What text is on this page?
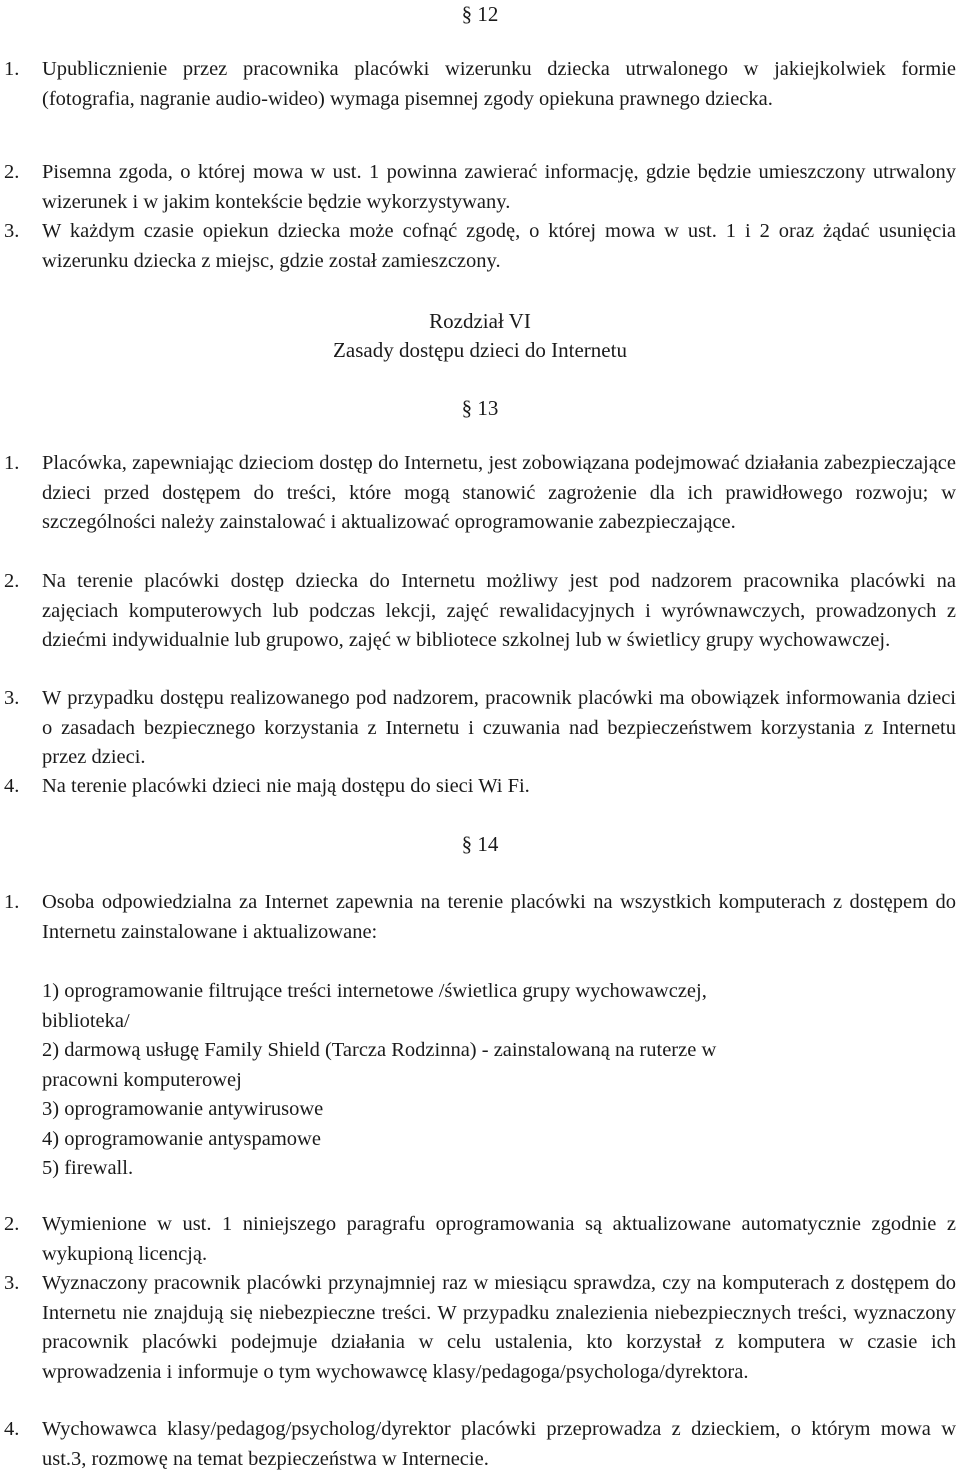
§ 12
1.	Upublicznienie przez pracownika placówki wizerunku dziecka utrwalonego w jakiejkolwiek formie (fotografia, nagranie audio-wideo) wymaga pisemnej zgody opiekuna prawnego dziecka.
2.	Pisemna zgoda, o której mowa w ust. 1 powinna zawierać informację, gdzie będzie umieszczony utrwalony wizerunek i w jakim kontekście będzie wykorzystywany.
3.	W każdym czasie opiekun dziecka może cofnąć zgodę, o której mowa w ust. 1 i 2 oraz żądać usunięcia wizerunku dziecka z miejsc, gdzie został zamieszczony.
Rozdział VI
Zasady dostępu dzieci do Internetu
§ 13
1.	Placówka, zapewniając dzieciom dostęp do Internetu, jest zobowiązana podejmować działania zabezpieczające dzieci przed dostępem do treści, które mogą stanowić zagrożenie dla ich prawidłowego rozwoju; w szczególności należy zainstalować i aktualizować oprogramowanie zabezpieczające.
2.	Na terenie placówki dostęp dziecka do Internetu możliwy jest pod nadzorem pracownika placówki na zajęciach komputerowych lub podczas lekcji, zajęć rewalidacyjnych i wyrównawczych, prowadzonych z dziećmi indywidualnie lub grupowo, zajęć w bibliotece szkolnej lub w świetlicy grupy wychowawczej.
3.	W przypadku dostępu realizowanego pod nadzorem, pracownik placówki ma obowiązek informowania dzieci o zasadach bezpiecznego korzystania z Internetu i czuwania nad bezpieczeństwem korzystania z Internetu przez dzieci.
4.	Na terenie placówki dzieci nie mają dostępu do sieci Wi Fi.
§ 14
1.	Osoba odpowiedzialna za Internet zapewnia na terenie placówki na wszystkich komputerach z dostępem do Internetu zainstalowane i aktualizowane:
1) oprogramowanie filtrujące treści internetowe /świetlica grupy wychowawczej,
biblioteka/
2) darmową usługę Family Shield (Tarcza Rodzinna) - zainstalowaną na ruterze w
pracowni komputerowej
3) oprogramowanie antywirusowe
4) oprogramowanie antyspamowe
5) firewall.
2.	Wymienione w ust. 1 niniejszego paragrafu oprogramowania są aktualizowane automatycznie zgodnie z wykupioną licencją.
3.	Wyznaczony pracownik placówki przynajmniej raz w miesiącu sprawdza, czy na komputerach z dostępem do Internetu nie znajdują się niebezpieczne treści. W przypadku znalezienia niebezpiecznych treści, wyznaczony pracownik placówki podejmuje działania w celu ustalenia, kto korzystał z komputera w czasie ich wprowadzenia i informuje o tym wychowawcę klasy/pedagoga/psychologa/dyrektora.
4.	Wychowawca klasy/pedagog/psycholog/dyrektor placówki przeprowadza z dzieckiem, o którym mowa w ust.3, rozmowę na temat bezpieczeństwa w Internecie.
